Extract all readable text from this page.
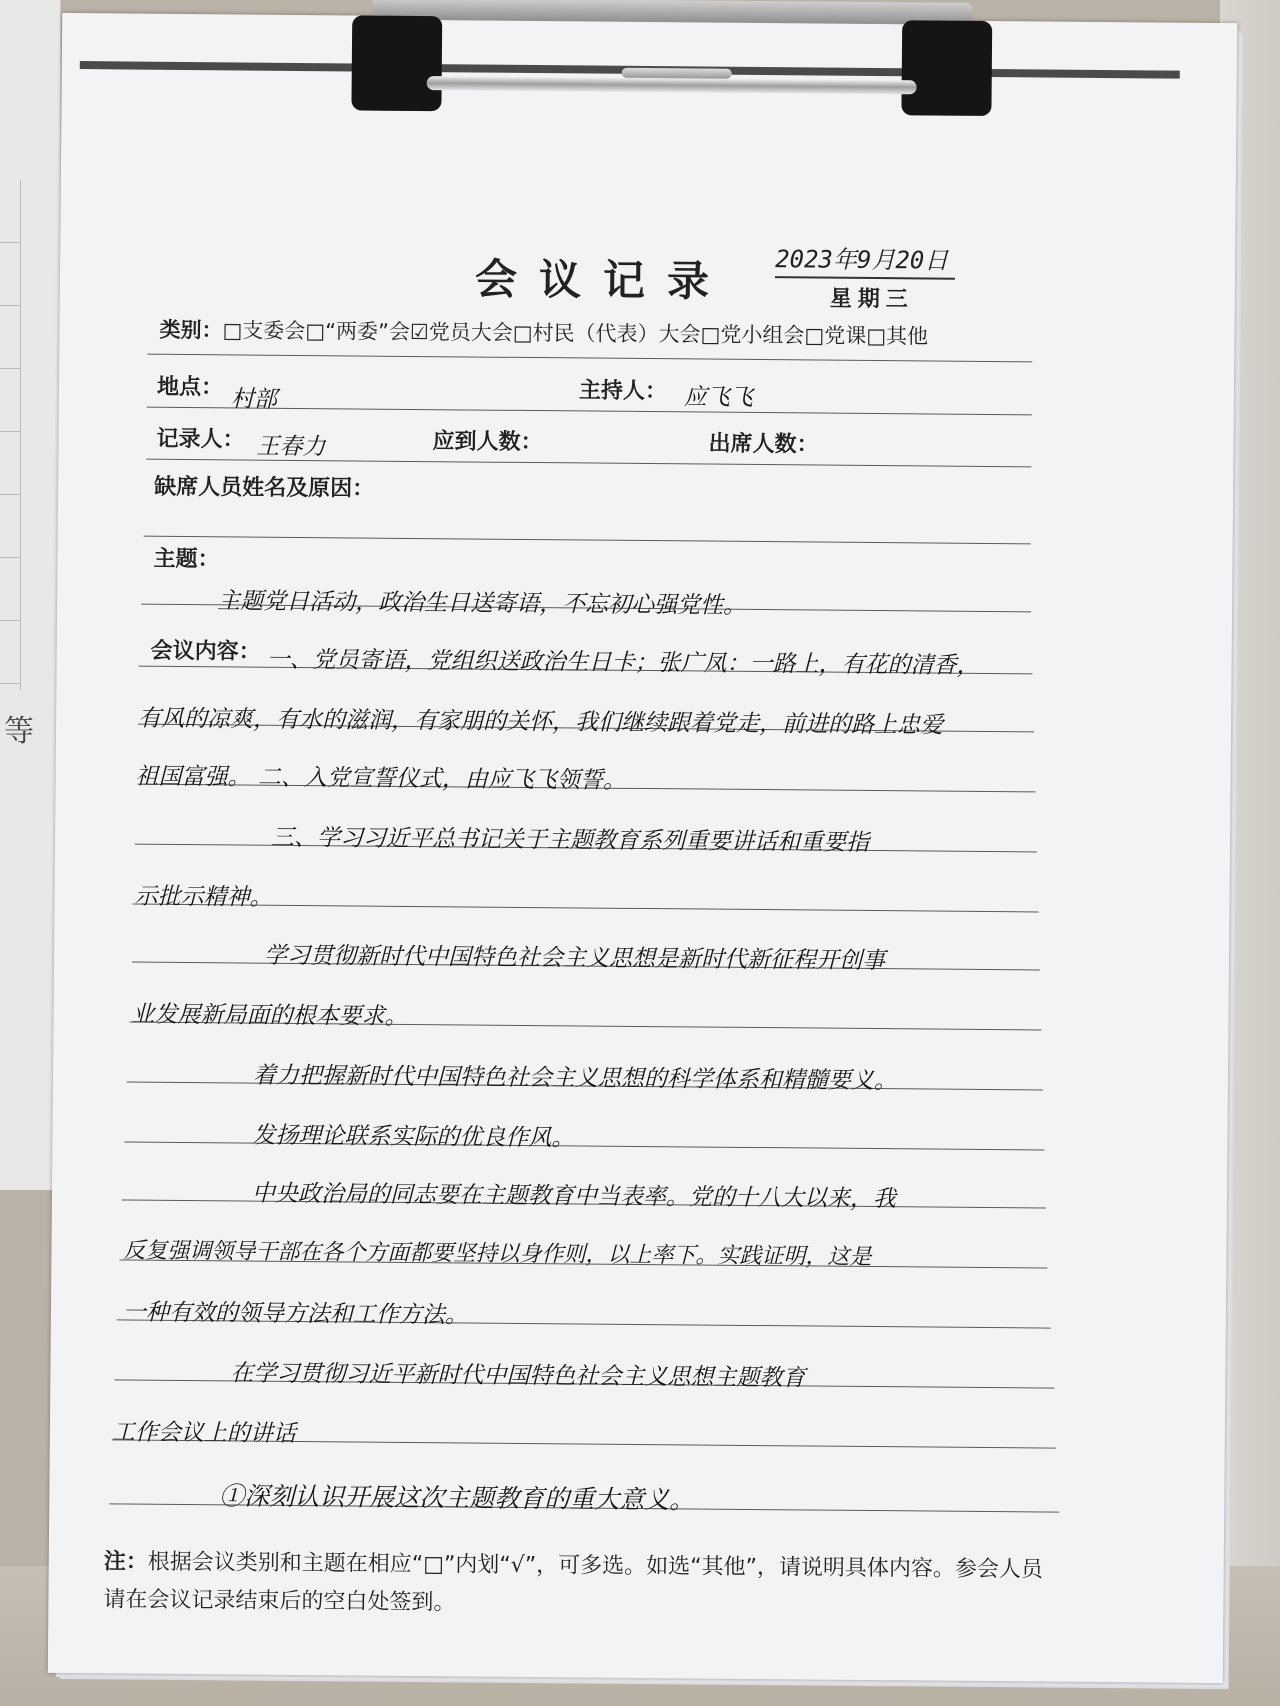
等
会议记录 2023年9月20日
星期三
类别：□支委会□“两委”会☑党员大会□村民（代表）大会□党小组会□党课□其他
地点： 村部	主持人： 应飞飞
记录人： 王春力	应到人数：	出席人数：
缺席人员姓名及原因：
主题：
主题党日活动，政治生日送寄语，不忘初心强党性。
会议内容： 一、党员寄语，党组织送政治生日卡；张广凤：一路上，有花的清香，
有风的凉爽，有水的滋润，有家朋的关怀，我们继续跟着党走，前进的路上忠爱
祖国富强。 二、入党宣誓仪式，由应飞飞领誓。
三、学习习近平总书记关于主题教育系列重要讲话和重要指
示批示精神。
学习贯彻新时代中国特色社会主义思想是新时代新征程开创事
业发展新局面的根本要求。
着力把握新时代中国特色社会主义思想的科学体系和精髓要义。
发扬理论联系实际的优良作风。
中央政治局的同志要在主题教育中当表率。党的十八大以来，我
反复强调领导干部在各个方面都要坚持以身作则，以上率下。实践证明，这是
一种有效的领导方法和工作方法。
在学习贯彻习近平新时代中国特色社会主义思想主题教育
工作会议上的讲话
①深刻认识开展这次主题教育的重大意义。
注：根据会议类别和主题在相应“□”内划“√”，可多选。如选“其他”，请说明具体内容。参会人员请在会议记录结束后的空白处签到。
